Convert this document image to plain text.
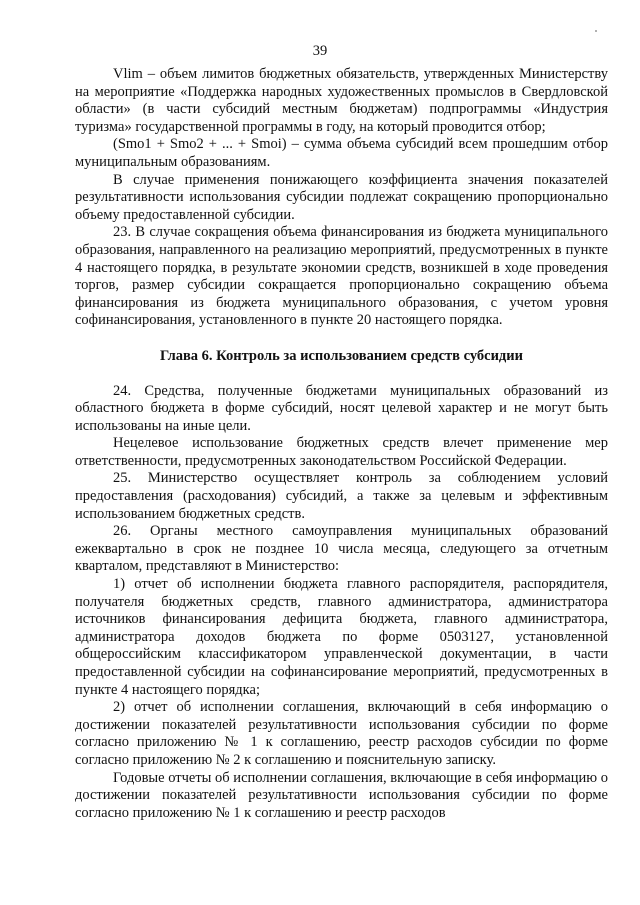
39

Vlim – объем лимитов бюджетных обязательств, утвержденных Министерству на мероприятие «Поддержка народных художественных промыслов в Свердловской области» (в части субсидий местным бюджетам) подпрограммы «Индустрия туризма» государственной программы в году, на который проводится отбор;

(Smo1 + Smo2 + ... + Smoi) – сумма объема субсидий всем прошедшим отбор муниципальным образованиям.

В случае применения понижающего коэффициента значения показателей результативности использования субсидии подлежат сокращению пропорционально объему предоставленной субсидии.

23. В случае сокращения объема финансирования из бюджета муниципального образования, направленного на реализацию мероприятий, предусмотренных в пункте 4 настоящего порядка, в результате экономии средств, возникшей в ходе проведения торгов, размер субсидии сокращается пропорционально сокращению объема финансирования из бюджета муниципального образования, с учетом уровня софинансирования, установленного в пункте 20 настоящего порядка.

Глава 6. Контроль за использованием средств субсидии

24. Средства, полученные бюджетами муниципальных образований из областного бюджета в форме субсидий, носят целевой характер и не могут быть использованы на иные цели.

Нецелевое использование бюджетных средств влечет применение мер ответственности, предусмотренных законодательством Российской Федерации.

25. Министерство осуществляет контроль за соблюдением условий предоставления (расходования) субсидий, а также за целевым и эффективным использованием бюджетных средств.

26. Органы местного самоуправления муниципальных образований ежеквартально в срок не позднее 10 числа месяца, следующего за отчетным кварталом, представляют в Министерство:

1) отчет об исполнении бюджета главного распорядителя, распорядителя, получателя бюджетных средств, главного администратора, администратора источников финансирования дефицита бюджета, главного администратора, администратора доходов бюджета по форме 0503127, установленной общероссийским классификатором управленческой документации, в части предоставленной субсидии на софинансирование мероприятий, предусмотренных в пункте 4 настоящего порядка;

2) отчет об исполнении соглашения, включающий в себя информацию о достижении показателей результативности использования субсидии по форме согласно приложению № 1 к соглашению, реестр расходов субсидии по форме согласно приложению № 2 к соглашению и пояснительную записку.

Годовые отчеты об исполнении соглашения, включающие в себя информацию о достижении показателей результативности использования субсидии по форме согласно приложению № 1 к соглашению и реестр расходов
